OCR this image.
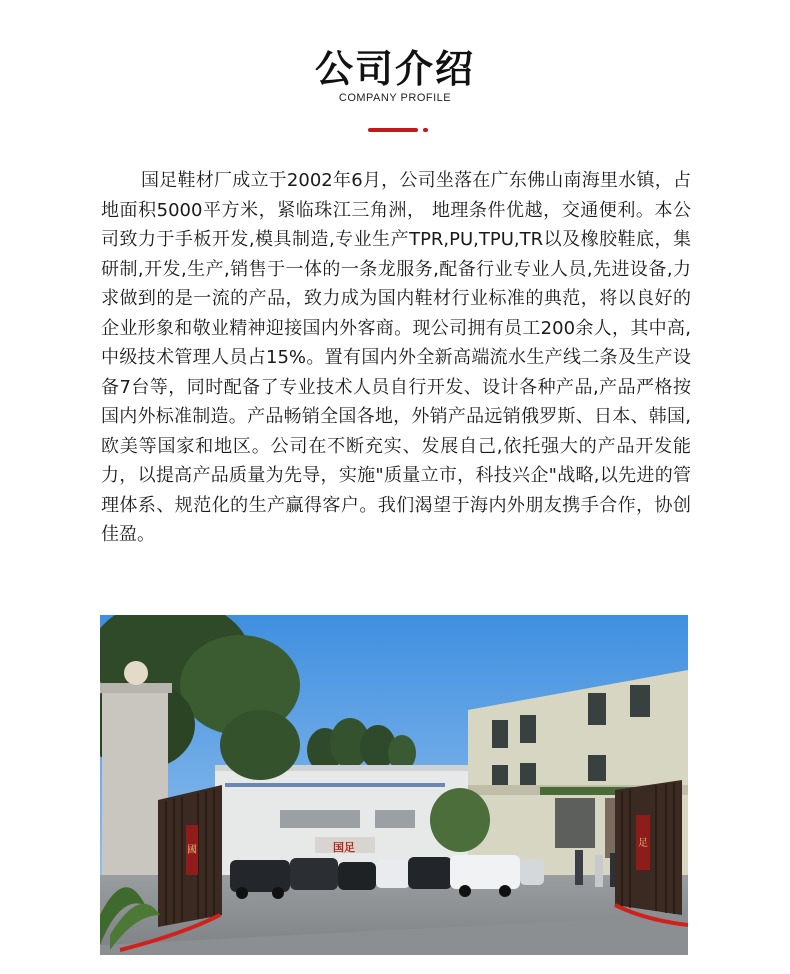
公司介绍
COMPANY PROFILE

国足鞋材厂成立于2002年6月，公司坐落在广东佛山南海里水镇，占地面积5000平方米，紧临珠江三角洲， 地理条件优越，交通便利。本公司致力于手板开发,模具制造,专业生产TPR,PU,TPU,TR以及橡胶鞋底，集研制,开发,生产,销售于一体的一条龙服务,配备行业专业人员,先进设备,力求做到的是一流的产品，致力成为国内鞋材行业标准的典范，将以良好的企业形象和敬业精神迎接国内外客商。现公司拥有员工200余人，其中高,中级技术管理人员占15%。置有国内外全新高端流水生产线二条及生产设备7台等，同时配备了专业技术人员自行开发、设计各种产品,产品严格按国内外标准制造。产品畅销全国各地，外销产品远销俄罗斯、日本、韩国,欧美等国家和地区。公司在不断充实、发展自己,依托强大的产品开发能力，以提高产品质量为先导，实施"质量立市，科技兴企"战略,以先进的管理体系、规范化的生产赢得客户。我们渴望于海内外朋友携手合作，协创佳盈。

国足
國
足
